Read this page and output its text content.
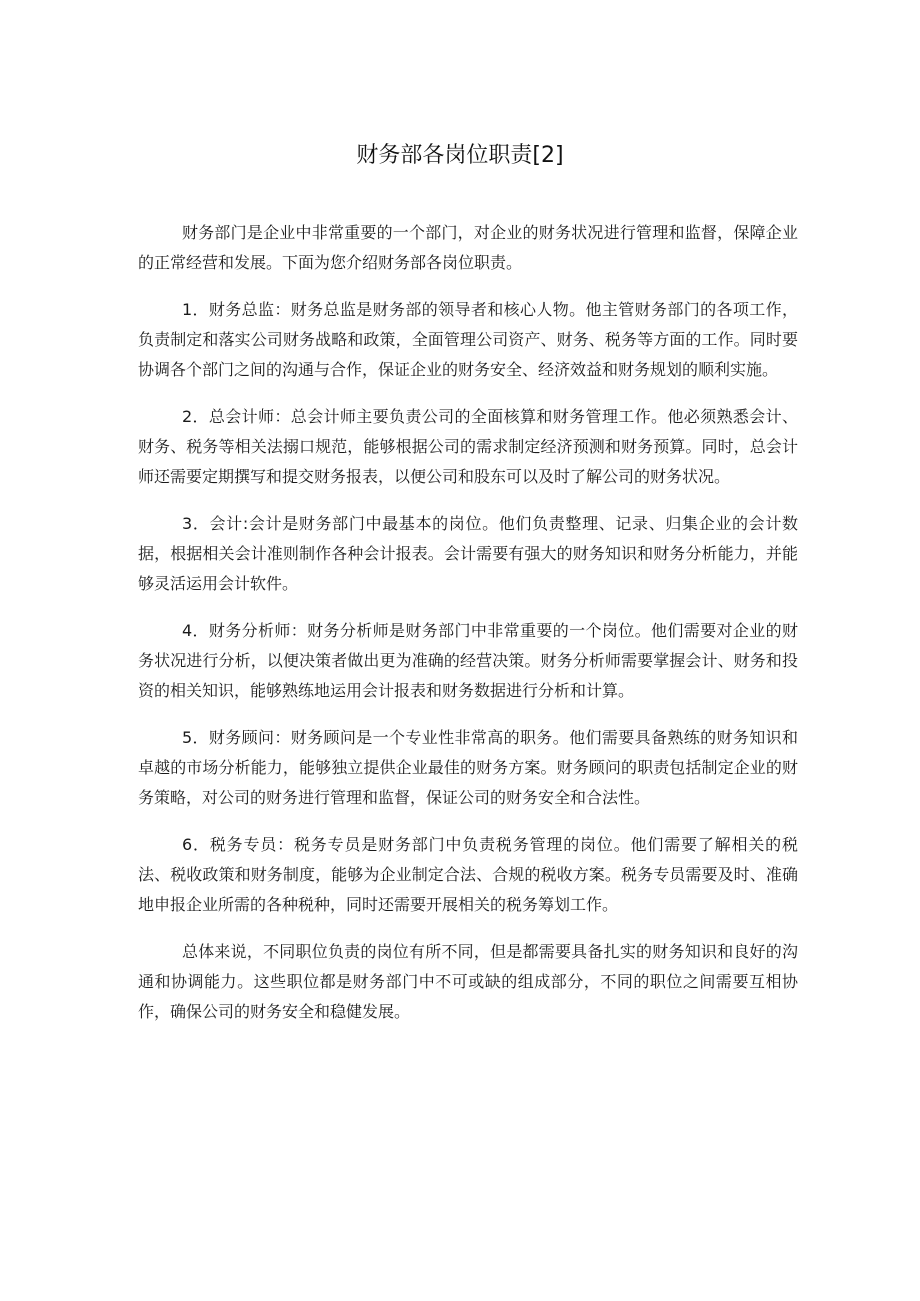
财务部各岗位职责[2]

财务部门是企业中非常重要的一个部门，对企业的财务状况进行管理和监督，保障企业的正常经营和发展。下面为您介绍财务部各岗位职责。

1．财务总监：财务总监是财务部的领导者和核心人物。他主管财务部门的各项工作，负责制定和落实公司财务战略和政策，全面管理公司资产、财务、税务等方面的工作。同时要协调各个部门之间的沟通与合作，保证企业的财务安全、经济效益和财务规划的顺利实施。

2．总会计师：总会计师主要负责公司的全面核算和财务管理工作。他必须熟悉会计、财务、税务等相关法搦口规范，能够根据公司的需求制定经济预测和财务预算。同时，总会计师还需要定期撰写和提交财务报表，以便公司和股东可以及时了解公司的财务状况。

3．会计:会计是财务部门中最基本的岗位。他们负责整理、记录、归集企业的会计数据，根据相关会计准则制作各种会计报表。会计需要有强大的财务知识和财务分析能力，并能够灵活运用会计软件。

4．财务分析师：财务分析师是财务部门中非常重要的一个岗位。他们需要对企业的财务状况进行分析，以便决策者做出更为准确的经营决策。财务分析师需要掌握会计、财务和投资的相关知识，能够熟练地运用会计报表和财务数据进行分析和计算。

5．财务顾问：财务顾问是一个专业性非常高的职务。他们需要具备熟练的财务知识和卓越的市场分析能力，能够独立提供企业最佳的财务方案。财务顾问的职责包括制定企业的财务策略，对公司的财务进行管理和监督，保证公司的财务安全和合法性。

6．税务专员：税务专员是财务部门中负责税务管理的岗位。他们需要了解相关的税法、税收政策和财务制度，能够为企业制定合法、合规的税收方案。税务专员需要及时、准确地申报企业所需的各种税种，同时还需要开展相关的税务筹划工作。

总体来说，不同职位负责的岗位有所不同，但是都需要具备扎实的财务知识和良好的沟通和协调能力。这些职位都是财务部门中不可或缺的组成部分，不同的职位之间需要互相协作，确保公司的财务安全和稳健发展。
